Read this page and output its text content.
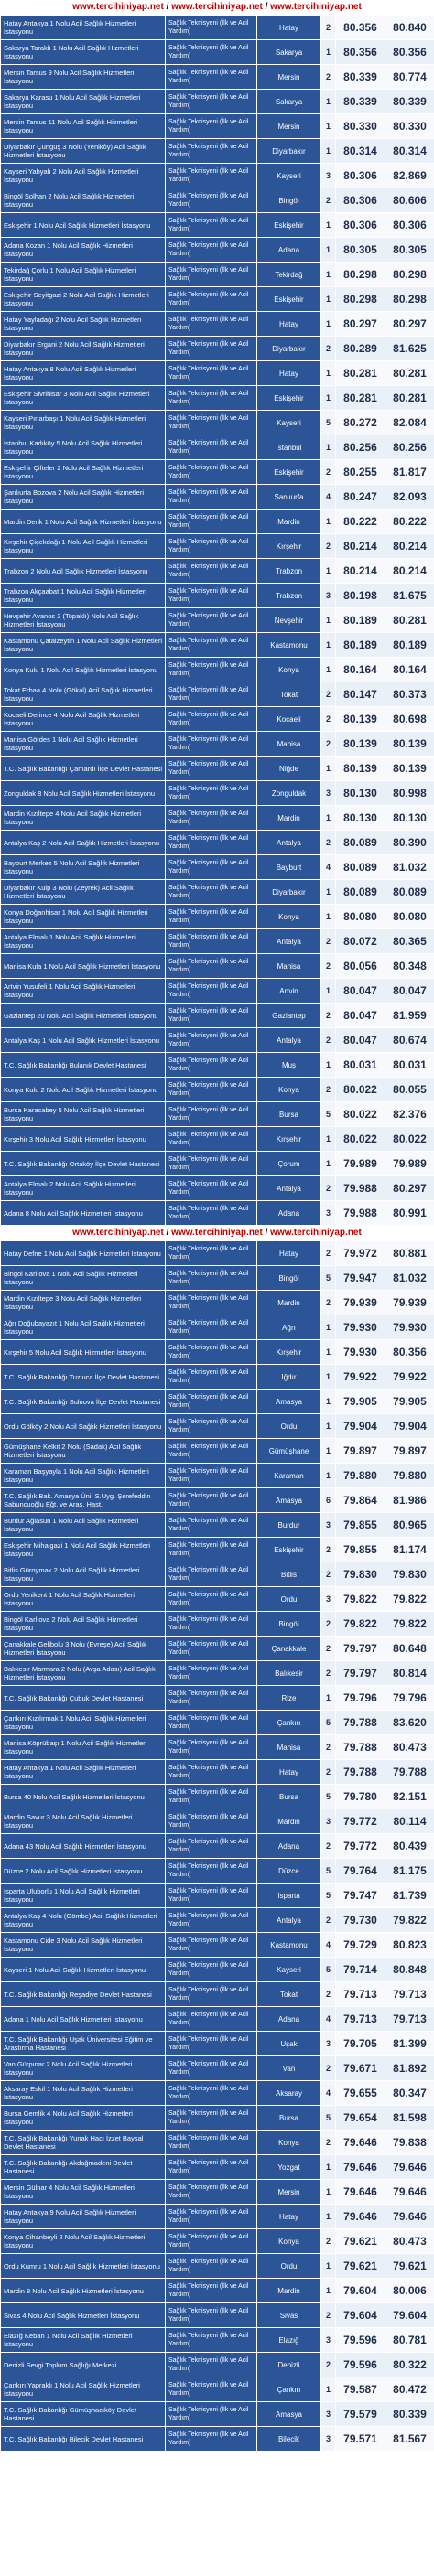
www.tercihiniyap.net / www.tercihiniyap.net / www.tercihiniyap.net
Hatay Antakya 1 Nolu Acil Sağlık Hizmetleri İstasyonu	Sağlık Teknisyeni (İlk ve Acil Yardım)	Hatay	2	80.356	80.840
Sakarya Taraklı 1 Nolu Acil Sağlık Hizmetleri İstasyonu	Sağlık Teknisyeni (İlk ve Acil Yardım)	Sakarya	1	80.356	80.356
Mersin Tarsus 9 Nolu Acil Sağlık Hizmetleri İstasyonu	Sağlık Teknisyeni (İlk ve Acil Yardım)	Mersin	2	80.339	80.774
Sakarya Karasu 1 Nolu Acil Sağlık Hizmetleri İstasyonu	Sağlık Teknisyeni (İlk ve Acil Yardım)	Sakarya	1	80.339	80.339
Mersin Tarsus 11 Nolu Acil Sağlık Hizmetleri İstasyonu	Sağlık Teknisyeni (İlk ve Acil Yardım)	Mersin	1	80.330	80.330
Diyarbakır Çüngüş 3 Nolu (Yenikôy) Acil Sağlık Hizmetleri İstasyonu	Sağlık Teknisyeni (İlk ve Acil Yardım)	Diyarbakır	1	80.314	80.314
Kayseri Yahyalı 2 Nolu Acil Sağlık Hizmetleri İstasyonu	Sağlık Teknisyeni (İlk ve Acil Yardım)	Kayseri	3	80.306	82.869
Bingöl Solhan 2 Nolu Acil Sağlık Hizmetleri İstasyonu	Sağlık Teknisyeni (İlk ve Acil Yardım)	Bingöl	2	80.306	80.606
Eskişehir 1 Nolu Acil Sağlık Hizmetleri İstasyonu	Sağlık Teknisyeni (İlk ve Acil Yardım)	Eskişehir	1	80.306	80.306
Adana Kozan 1 Nolu Acil Sağlık Hizmetleri İstasyonu	Sağlık Teknisyeni (İlk ve Acil Yardım)	Adana	1	80.305	80.305
Tekirdağ Çorlu 1 Nolu Acil Sağlık Hizmetleri İstasyonu	Sağlık Teknisyeni (İlk ve Acil Yardım)	Tekirdağ	1	80.298	80.298
Eskişehir Seyitgazi 2 Nolu Acil Sağlık Hizmetleri İstasyonu	Sağlık Teknisyeni (İlk ve Acil Yardım)	Eskişehir	1	80.298	80.298
Hatay Yayladağı 2 Nolu Acil Sağlık Hizmetleri İstasyonu	Sağlık Teknisyeni (İlk ve Acil Yardım)	Hatay	1	80.297	80.297
Diyarbakır Ergani 2 Nolu Acil Sağlık Hizmetleri İstasyonu	Sağlık Teknisyeni (İlk ve Acil Yardım)	Diyarbakır	2	80.289	81.625
Hatay Antakya 8 Nolu Acil Sağlık Hizmetleri İstasyonu	Sağlık Teknisyeni (İlk ve Acil Yardım)	Hatay	1	80.281	80.281
Eskişehir Sivrihisar 3 Nolu Acil Sağlık Hizmetleri İstasyonu	Sağlık Teknisyeni (İlk ve Acil Yardım)	Eskişehir	1	80.281	80.281
Kayseri Pınarbaşı 1 Nolu Acil Sağlık Hizmetleri İstasyonu	Sağlık Teknisyeni (İlk ve Acil Yardım)	Kayseri	5	80.272	82.084
İstanbul Kadıköy 5 Nolu Acil Sağlık Hizmetleri İstasyonu	Sağlık Teknisyeni (İlk ve Acil Yardım)	İstanbul	1	80.256	80.256
Eskişehir Çifteler 2 Nolu Acil Sağlık Hizmetleri İstasyonu	Sağlık Teknisyeni (İlk ve Acil Yardım)	Eskişehir	2	80.255	81.817
Şanlıurfa Bozova 2 Nolu Acil Sağlık Hizmetleri İstasyonu	Sağlık Teknisyeni (İlk ve Acil Yardım)	Şanlıurfa	4	80.247	82.093
Mardin Derik 1 Nolu Acil Sağlık Hizmetleri İstasyonu	Sağlık Teknisyeni (İlk ve Acil Yardım)	Mardin	1	80.222	80.222
Kırşehir Çiçekdağı 1 Nolu Acil Sağlık Hizmetleri İstasyonu	Sağlık Teknisyeni (İlk ve Acil Yardım)	Kırşehir	2	80.214	80.214
Trabzon 2 Nolu Acil Sağlık Hizmetleri İstasyonu	Sağlık Teknisyeni (İlk ve Acil Yardım)	Trabzon	1	80.214	80.214
Trabzon Akçaabat 1 Nolu Acil Sağlık Hizmetleri İstasyonu	Sağlık Teknisyeni (İlk ve Acil Yardım)	Trabzon	3	80.198	81.675
Nevşehir Avanos 2 (Topaklı) Nolu Acil Sağlık Hizmetleri İstasyonu	Sağlık Teknisyeni (İlk ve Acil Yardım)	Nevşehir	1	80.189	80.281
Kastamonu Çatalzeytin 1 Nolu Acil Sağlık Hizmetleri İstasyonu	Sağlık Teknisyeni (İlk ve Acil Yardım)	Kastamonu	1	80.189	80.189
Konya Kulu 1 Nolu Acil Sağlık Hizmetleri İstasyonu	Sağlık Teknisyeni (İlk ve Acil Yardım)	Konya	1	80.164	80.164
Tokat Erbaa 4 Nolu (Gökal) Acil Sağlık Hizmetleri İstasyonu	Sağlık Teknisyeni (İlk ve Acil Yardım)	Tokat	2	80.147	80.373
Kocaeli Derince 4 Nolu Acil Sağlık Hizmetleri İstasyonu	Sağlık Teknisyeni (İlk ve Acil Yardım)	Kocaeli	2	80.139	80.698
Manisa Gördes 1 Nolu Acil Sağlık Hizmetleri İstasyonu	Sağlık Teknisyeni (İlk ve Acil Yardım)	Manisa	2	80.139	80.139
T.C. Sağlık Bakanlığı Çamardı İlçe Devlet Hastanesi	Sağlık Teknisyeni (İlk ve Acil Yardım)	Niğde	1	80.139	80.139
Zonguldak 8 Nolu Acil Sağlık Hizmetleri İstasyonu	Sağlık Teknisyeni (İlk ve Acil Yardım)	Zonguldak	3	80.130	80.998
Mardin Kızıltepe 4 Nolu Acil Sağlık Hizmetleri İstasyonu	Sağlık Teknisyeni (İlk ve Acil Yardım)	Mardin	1	80.130	80.130
Antalya Kaş 2 Nolu Acil Sağlık Hizmetleri İstasyonu	Sağlık Teknisyeni (İlk ve Acil Yardım)	Antalya	2	80.089	80.390
Bayburt Merkez 5 Nolu Acil Sağlık Hizmetleri İstasyonu	Sağlık Teknisyeni (İlk ve Acil Yardım)	Bayburt	4	80.089	81.032
Diyarbakır Kulp 3 Nolu (Zeyrek) Acil Sağlık Hizmetleri İstasyonu	Sağlık Teknisyeni (İlk ve Acil Yardım)	Diyarbakır	1	80.089	80.089
Konya Doğanhisar 1 Nolu Acil Sağlık Hizmetleri İstasyonu	Sağlık Teknisyeni (İlk ve Acil Yardım)	Konya	1	80.080	80.080
Antalya Elmalı 1 Nolu Acil Sağlık Hizmetleri İstasyonu	Sağlık Teknisyeni (İlk ve Acil Yardım)	Antalya	2	80.072	80.365
Manisa Kula 1 Nolu Acil Sağlık Hizmetleri İstasyonu	Sağlık Teknisyeni (İlk ve Acil Yardım)	Manisa	2	80.056	80.348
Artvin Yusufeli 1 Nolu Acil Sağlık Hizmetleri İstasyonu	Sağlık Teknisyeni (İlk ve Acil Yardım)	Artvin	1	80.047	80.047
Gaziantep 20 Nolu Acil Sağlık Hizmetleri İstasyonu	Sağlık Teknisyeni (İlk ve Acil Yardım)	Gaziantep	2	80.047	81.959
Antalya Kaş 1 Nolu Acil Sağlık Hizmetleri İstasyonu	Sağlık Teknisyeni (İlk ve Acil Yardım)	Antalya	2	80.047	80.674
T.C. Sağlık Bakanlığı Bulanık Devlet Hastanesi	Sağlık Teknisyeni (İlk ve Acil Yardım)	Muş	1	80.031	80.031
Konya Kulu 2 Nolu Acil Sağlık Hizmetleri İstasyonu	Sağlık Teknisyeni (İlk ve Acil Yardım)	Konya	2	80.022	80.055
Bursa Karacabey 5 Nolu Acil Sağlık Hizmetleri İstasyonu	Sağlık Teknisyeni (İlk ve Acil Yardım)	Bursa	5	80.022	82.376
Kırşehir 3 Nolu Acil Sağlık Hizmetleri İstasyonu	Sağlık Teknisyeni (İlk ve Acil Yardım)	Kırşehir	1	80.022	80.022
T.C. Sağlık Bakanlığı Ortaköy İlçe Devlet Hastanesi	Sağlık Teknisyeni (İlk ve Acil Yardım)	Çorum	1	79.989	79.989
Antalya Elmalı 2 Nolu Acil Sağlık Hizmetleri İstasyonu	Sağlık Teknisyeni (İlk ve Acil Yardım)	Antalya	2	79.988	80.297
Adana 8 Nolu Acil Sağlık Hizmetleri İstasyonu	Sağlık Teknisyeni (İlk ve Acil Yardım)	Adana	3	79.988	80.991
www.tercihiniyap.net / www.tercihiniyap.net / www.tercihiniyap.net
Hatay Defne 1 Nolu Acil Sağlık Hizmetleri İstasyonu	Sağlık Teknisyeni (İlk ve Acil Yardım)	Hatay	2	79.972	80.881
Bingöl Karlıova 1 Nolu Acil Sağlık Hizmetleri İstasyonu	Sağlık Teknisyeni (İlk ve Acil Yardım)	Bingöl	5	79.947	81.032
Mardin Kızıltepe 3 Nolu Acil Sağlık Hizmetleri İstasyonu	Sağlık Teknisyeni (İlk ve Acil Yardım)	Mardin	2	79.939	79.939
Ağrı Doğubayazıt 1 Nolu Acil Sağlık Hizmetleri İstasyonu	Sağlık Teknisyeni (İlk ve Acil Yardım)	Ağrı	1	79.930	79.930
Kırşehir 5 Nolu Acil Sağlık Hizmetleri İstasyonu	Sağlık Teknisyeni (İlk ve Acil Yardım)	Kırşehir	1	79.930	80.356
T.C. Sağlık Bakanlığı Tuzluca İlçe Devlet Hastanesi	Sağlık Teknisyeni (İlk ve Acil Yardım)	Iğdır	1	79.922	79.922
T.C. Sağlık Bakanlığı Suluova İlçe Devlet Hastanesi	Sağlık Teknisyeni (İlk ve Acil Yardım)	Amasya	1	79.905	79.905
Ordu Gölköy 2 Nolu Acil Sağlık Hizmetleri İstasyonu	Sağlık Teknisyeni (İlk ve Acil Yardım)	Ordu	1	79.904	79.904
Gümüşhane Kelkit 2 Nolu (Sadak) Acil Sağlık Hizmetleri İstasyonu	Sağlık Teknisyeni (İlk ve Acil Yardım)	Gümüşhane	1	79.897	79.897
Karaman Başyayla 1 Nolu Acil Sağlık Hizmetleri İstasyonu	Sağlık Teknisyeni (İlk ve Acil Yardım)	Karaman	1	79.880	79.880
T.C. Sağlık Bak. Amasya Üni. S.Uyg. Şerefeddin Sabuncuoğlu Eğt. ve Araş. Hast.	Sağlık Teknisyeni (İlk ve Acil Yardım)	Amasya	6	79.864	81.986
Burdur Ağlasun 1 Nolu Acil Sağlık Hizmetleri İstasyonu	Sağlık Teknisyeni (İlk ve Acil Yardım)	Burdur	3	79.855	80.965
Eskişehir Mihalgazi 1 Nolu Acil Sağlık Hizmetleri İstasyonu	Sağlık Teknisyeni (İlk ve Acil Yardım)	Eskişehir	2	79.855	81.174
Bitlis Güroymak 2 Nolu Acil Sağlık Hizmetleri İstasyonu	Sağlık Teknisyeni (İlk ve Acil Yardım)	Bitlis	2	79.830	79.830
Ordu Yenikent 1 Nolu Acil Sağlık Hizmetleri İstasyonu	Sağlık Teknisyeni (İlk ve Acil Yardım)	Ordu	3	79.822	79.822
Bingöl Karlıova 2 Nolu Acil Sağlık Hizmetleri İstasyonu	Sağlık Teknisyeni (İlk ve Acil Yardım)	Bingöl	2	79.822	79.822
Çanakkale Gelibolu 3 Nolu (Evreşe) Acil Sağlık Hizmetleri İstasyonu	Sağlık Teknisyeni (İlk ve Acil Yardım)	Çanakkale	2	79.797	80.648
Balıkesir Marmara 2 Nolu (Avşa Adası) Acil Sağlık Hizmetleri İstasyonu	Sağlık Teknisyeni (İlk ve Acil Yardım)	Balıkesir	2	79.797	80.814
T.C. Sağlık Bakanlığı Çubuk Devlet Hastanesi	Sağlık Teknisyeni (İlk ve Acil Yardım)	Rize	1	79.796	79.796
Çankırı Kızılırmak 1 Nolu Acil Sağlık Hizmetleri İstasyonu	Sağlık Teknisyeni (İlk ve Acil Yardım)	Çankırı	5	79.788	83.620
Manisa Köprübaşı 1 Nolu Acil Sağlık Hizmetleri İstasyonu	Sağlık Teknisyeni (İlk ve Acil Yardım)	Manisa	2	79.788	80.473
Hatay Antakya 1 Nolu Acil Sağlık Hizmetleri İstasyonu	Sağlık Teknisyeni (İlk ve Acil Yardım)	Hatay	2	79.788	79.788
Bursa 40 Nolu Acil Sağlık Hizmetleri İstasyonu	Sağlık Teknisyeni (İlk ve Acil Yardım)	Bursa	5	79.780	82.151
Mardin Savur 3 Nolu Acil Sağlık Hizmetleri İstasyonu	Sağlık Teknisyeni (İlk ve Acil Yardım)	Mardin	3	79.772	80.114
Adana 43 Nolu Acil Sağlık Hizmetleri İstasyonu	Sağlık Teknisyeni (İlk ve Acil Yardım)	Adana	2	79.772	80.439
Düzce 2 Nolu Acil Sağlık Hizmetleri İstasyonu	Sağlık Teknisyeni (İlk ve Acil Yardım)	Düzce	5	79.764	81.175
Isparta Uluborlu 1 Nolu Acil Sağlık Hizmetleri İstasyonu	Sağlık Teknisyeni (İlk ve Acil Yardım)	Isparta	5	79.747	81.739
Antalya Kaş 4 Nolu (Gömbe) Acil Sağlık Hizmetleri İstasyonu	Sağlık Teknisyeni (İlk ve Acil Yardım)	Antalya	2	79.730	79.822
Kastamonu Cide 3 Nolu Acil Sağlık Hizmetleri İstasyonu	Sağlık Teknisyeni (İlk ve Acil Yardım)	Kastamonu	4	79.729	80.823
Kayseri 1 Nolu Acil Sağlık Hizmetleri İstasyonu	Sağlık Teknisyeni (İlk ve Acil Yardım)	Kayseri	5	79.714	80.848
T.C. Sağlık Bakanlığı Reşadiye Devlet Hastanesi	Sağlık Teknisyeni (İlk ve Acil Yardım)	Tokat	2	79.713	79.713
Adana 1 Nolu Acil Sağlık Hizmetleri İstasyonu	Sağlık Teknisyeni (İlk ve Acil Yardım)	Adana	4	79.713	79.713
T.C. Sağlık Bakanlığı Uşak Üniversitesi Eğitim ve Araştırma Hastanesi	Sağlık Teknisyeni (İlk ve Acil Yardım)	Uşak	3	79.705	81.399
Van Gürpınar 2 Nolu Acil Sağlık Hizmetleri İstasyonu	Sağlık Teknisyeni (İlk ve Acil Yardım)	Van	2	79.671	81.892
Aksaray Eskil 1 Nolu Acil Sağlık Hizmetleri İstasyonu	Sağlık Teknisyeni (İlk ve Acil Yardım)	Aksaray	4	79.655	80.347
Bursa Gemlik 4 Nolu Acil Sağlık Hizmetleri İstasyonu	Sağlık Teknisyeni (İlk ve Acil Yardım)	Bursa	5	79.654	81.598
T.C. Sağlık Bakanlığı Yunak Hacı İzzet Baysal Devlet Hastanesi	Sağlık Teknisyeni (İlk ve Acil Yardım)	Konya	2	79.646	79.838
T.C. Sağlık Bakanlığı Akdağmadeni Devlet Hastanesi	Sağlık Teknisyeni (İlk ve Acil Yardım)	Yozgat	1	79.646	79.646
Mersin Gülnar 4 Nolu Acil Sağlık Hizmetleri İstasyonu	Sağlık Teknisyeni (İlk ve Acil Yardım)	Mersin	1	79.646	79.646
Hatay Antakya 9 Nolu Acil Sağlık Hizmetleri İstasyonu	Sağlık Teknisyeni (İlk ve Acil Yardım)	Hatay	1	79.646	79.646
Konya Cihanbeyli 2 Nolu Acil Sağlık Hizmetleri İstasyonu	Sağlık Teknisyeni (İlk ve Acil Yardım)	Konya	2	79.621	80.473
Ordu Kumru 1 Nolu Acil Sağlık Hizmetleri İstasyonu	Sağlık Teknisyeni (İlk ve Acil Yardım)	Ordu	1	79.621	79.621
Mardin 8 Nolu Acil Sağlık Hizmetleri İstasyonu	Sağlık Teknisyeni (İlk ve Acil Yardım)	Mardin	1	79.604	80.006
Sivas 4 Nolu Acil Sağlık Hizmetleri İstasyonu	Sağlık Teknisyeni (İlk ve Acil Yardım)	Sivas	2	79.604	79.604
Elazığ Keban 1 Nolu Acil Sağlık Hizmetleri İstasyonu	Sağlık Teknisyeni (İlk ve Acil Yardım)	Elazığ	3	79.596	80.781
Denizli Sevgi Toplum Sağlığı Merkezi	Sağlık Teknisyeni (İlk ve Acil Yardım)	Denizli	2	79.596	80.322
Çankırı Yapraklı 1 Nolu Acil Sağlık Hizmetleri İstasyonu	Sağlık Teknisyeni (İlk ve Acil Yardım)	Çankırı	1	79.587	80.472
T.C. Sağlık Bakanlığı Gümüşhacıköy Devlet Hastanesi	Sağlık Teknisyeni (İlk ve Acil Yardım)	Amasya	3	79.579	80.339
T.C. Sağlık Bakanlığı Bilecik Devlet Hastanesi	Sağlık Teknisyeni (İlk ve Acil Yardım)	Bilecik	3	79.571	81.567
